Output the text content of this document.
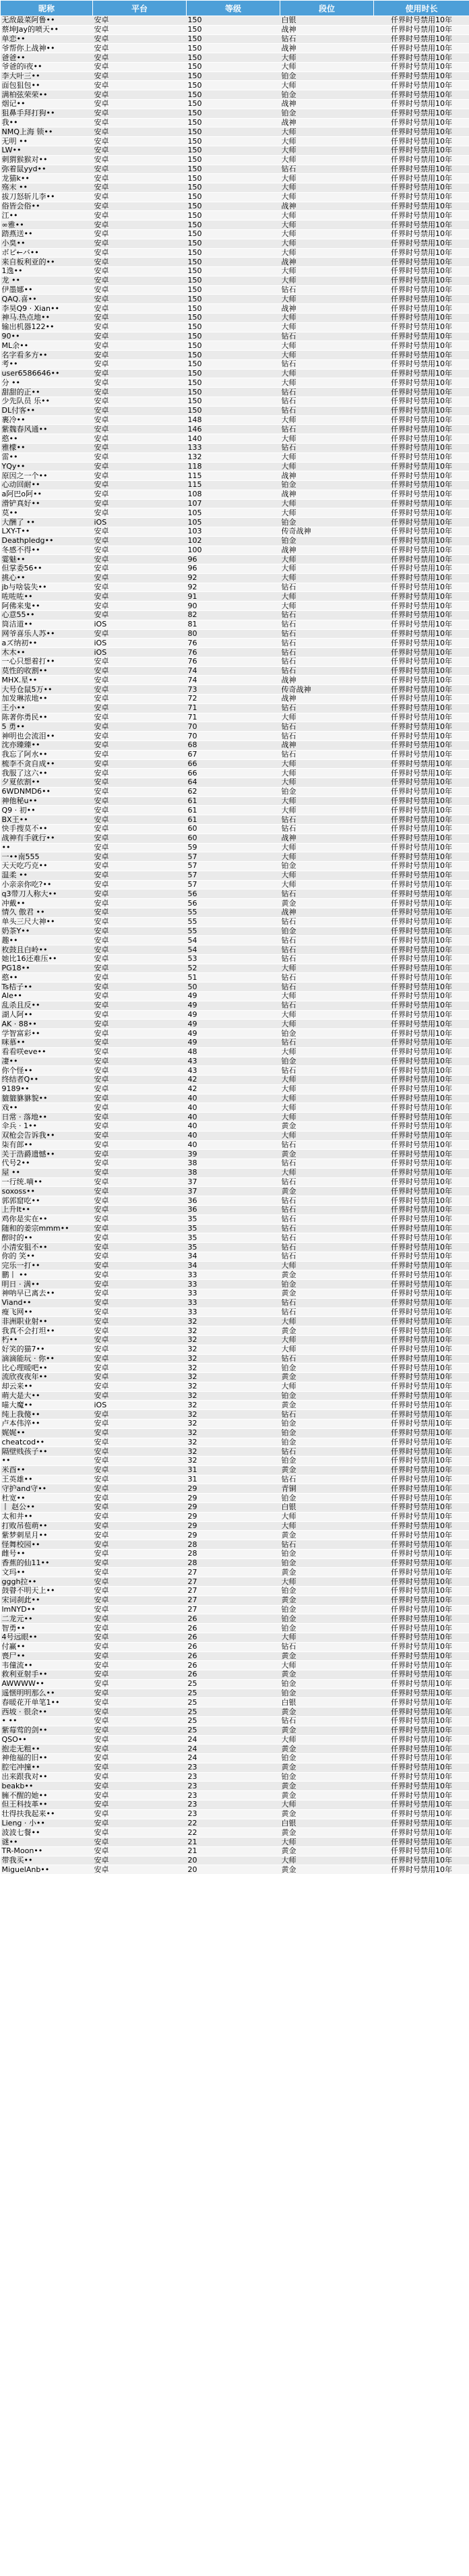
昵称	平台	等级	段位	使用时长
无敌最菜阿鲁••	安卓	150	白银	仟界时号禁用10年
蔡坤Jay的喷天••	安卓	150	战神	仟界时号禁用10年
单恋••	安卓	150	钻石	仟界时号禁用10年
爷帮你上战神••	安卓	150	战神	仟界时号禁用10年
爸爸••	安卓	150	大师	仟界时号禁用10年
爷爸的i夜••	安卓	150	大师	仟界时号禁用10年
李大叶三••	安卓	150	铂金	仟界时号禁用10年
面包狙包••	安卓	150	大师	仟界时号禁用10年
满柏弦荣荣••	安卓	150	铂金	仟界时号禁用10年
烟记••	安卓	150	战神	仟界时号禁用10年
狙鼻手拜打狗••	安卓	150	铂金	仟界时号禁用10年
我••	安卓	150	战神	仟界时号禁用10年
NMQ上海 锁••	安卓	150	大师	仟界时号禁用10年
无明 ••	安卓	150	大师	仟界时号禁用10年
LW••	安卓	150	大师	仟界时号禁用10年
刺猬猴猴对••	安卓	150	大师	仟界时号禁用10年
弥着鼠yyd••	安卓	150	钻石	仟界时号禁用10年
龙猫k••	安卓	150	大师	仟界时号禁用10年
殇末 ••	安卓	150	大师	仟界时号禁用10年
拔刀怒斩儿李••	安卓	150	大师	仟界时号禁用10年
俗皆会俗••	安卓	150	战神	仟界时号禁用10年
江••	安卓	150	大师	仟界时号禁用10年
∞雅••	安卓	150	大师	仟界时号禁用10年
踏燕送••	安卓	150	大师	仟界时号禁用10年
小臭••	安卓	150	大师	仟界时号禁用10年
ボピ←バ••	安卓	150	大师	仟界时号禁用10年
来自板利亚的••	安卓	150	战神	仟界时号禁用10年
1逸••	安卓	150	大师	仟界时号禁用10年
龙 ••	安卓	150	大师	仟界时号禁用10年
伊墨娜••	安卓	150	钻石	仟界时号禁用10年
QAQ.喜••	安卓	150	大师	仟界时号禁用10年
李昊Q9 · Xian••	安卓	150	战神	仟界时号禁用10年
神马.热点地••	安卓	150	大师	仟界时号禁用10年
输出机器122••	安卓	150	大师	仟界时号禁用10年
90••	安卓	150	钻石	仟界时号禁用10年
ML余••	安卓	150	大师	仟界时号禁用10年
名字看多方••	安卓	150	大师	仟界时号禁用10年
考••	安卓	150	钻石	仟界时号禁用10年
user6586646••	安卓	150	大师	仟界时号禁用10年
分 ••	安卓	150	大师	仟界时号禁用10年
甜甜的正••	安卓	150	钻石	仟界时号禁用10年
少先队员 乐••	安卓	150	钻石	仟界时号禁用10年
DL付客••	安卓	150	钻石	仟界时号禁用10年
裹冷••	安卓	148	大师	仟界时号禁用10年
紫魏春风通••	安卓	146	钻石	仟界时号禁用10年
憨••	安卓	140	大师	仟界时号禁用10年
雅檬••	安卓	133	钻石	仟界时号禁用10年
雷••	安卓	132	大师	仟界时号禁用10年
YQy••	安卓	118	大师	仟界时号禁用10年
原因之一个••	安卓	115	战神	仟界时号禁用10年
心动回耐••	安卓	115	铂金	仟界时号禁用10年
a阿巴o阿••	安卓	108	战神	仟界时号禁用10年
滑铲真好••	安卓	107	大师	仟界时号禁用10年
莫••	安卓	105	大师	仟界时号禁用10年
大酬了 ••	iOS	105	铂金	仟界时号禁用10年
LXY-T••	安卓	103	传奇战神	仟界时号禁用10年
Deathpledg••	安卓	102	铂金	仟界时号禁用10年
冬感不得••	安卓	100	战神	仟界时号禁用10年
霎魅••	安卓	96	大师	仟界时号禁用10年
但掌委56••	安卓	96	大师	仟界时号禁用10年
挑心••	安卓	92	大师	仟界时号禁用10年
jb与啥装失••	安卓	92	钻石	仟界时号禁用10年
咗咗咗••	安卓	91	大师	仟界时号禁用10年
阿佛来鬼••	安卓	90	大师	仟界时号禁用10年
心意55••	安卓	82	钻石	仟界时号禁用10年
筒洁道••	iOS	81	钻石	仟界时号禁用10年
网爷喜乐人苏••	安卓	80	钻石	仟界时号禁用10年
aズ纳初••	iOS	76	钻石	仟界时号禁用10年
木木••	iOS	76	钻石	仟界时号禁用10年
一心只想着打••	安卓	76	钻石	仟界时号禁用10年
莫性的收割••	安卓	74	钻石	仟界时号禁用10年
MHX.星••	安卓	74	战神	仟界时号禁用10年
大号仓鼠5万••	安卓	73	传奇战神	仟界时号禁用10年
加发琳浓地••	安卓	72	战神	仟界时号禁用10年
王小••	安卓	71	钻石	仟界时号禁用10年
陈著你勇民••	安卓	71	大师	仟界时号禁用10年
5 勇••	安卓	70	钻石	仟界时号禁用10年
神明也会流泪••	安卓	70	钻石	仟界时号禁用10年
沈亦臻臻••	安卓	68	战神	仟界时号禁用10年
我忘了阿水••	安卓	67	钻石	仟界时号禁用10年
梳李不贪自成••	安卓	66	大师	仟界时号禁用10年
我服了这六••	安卓	66	大师	仟界时号禁用10年
夕夏依割••	安卓	64	大师	仟界时号禁用10年
6WDNMD6••	安卓	62	铂金	仟界时号禁用10年
神他秘u••	安卓	61	大师	仟界时号禁用10年
Q9 · 初••	安卓	61	大师	仟界时号禁用10年
BX王••	安卓	61	钻石	仟界时号禁用10年
快手搜莫不••	安卓	60	钻石	仟界时号禁用10年
战神有手就行••	安卓	60	战神	仟界时号禁用10年
••	安卓	59	大师	仟界时号禁用10年
一••南555	安卓	57	大师	仟界时号禁用10年
天天吃巧克••	安卓	57	铂金	仟界时号禁用10年
温柔 ••	安卓	57	大师	仟界时号禁用10年
小亲亲你吃?••	安卓	57	大师	仟界时号禁用10年
q3带刀人称大••	安卓	56	钻石	仟界时号禁用10年
冲戴••	安卓	56	黄金	仟界时号禁用10年
情久 傲君 ••	安卓	55	战神	仟界时号禁用10年
单头三尺大神••	安卓	55	钻石	仟界时号禁用10年
奶茶Y••	安卓	55	铂金	仟界时号禁用10年
趣••	安卓	54	钻石	仟界时号禁用10年
枚鼓且白岭••	安卓	54	钻石	仟界时号禁用10年
她比16还难压••	安卓	53	钻石	仟界时号禁用10年
PG18••	安卓	52	大师	仟界时号禁用10年
憨••	安卓	51	钻石	仟界时号禁用10年
Ts桔子••	安卓	50	钻石	仟界时号禁用10年
Ale••	安卓	49	大师	仟界时号禁用10年
乱杀且反••	安卓	49	钻石	仟界时号禁用10年
湖人阿••	安卓	49	大师	仟界时号禁用10年
AK · 88••	安卓	49	大师	仟界时号禁用10年
学智富彩••	安卓	49	铂金	仟界时号禁用10年
咪慕••	安卓	49	钻石	仟界时号禁用10年
看看咲eve••	安卓	48	大师	仟界时号禁用10年
凄••	安卓	43	铂金	仟界时号禁用10年
你个怪••	安卓	43	钻石	仟界时号禁用10年
终结者Q••	安卓	42	大师	仟界时号禁用10年
9189••	安卓	42	大师	仟界时号禁用10年
貔貔貅貅貌••	安卓	40	大师	仟界时号禁用10年
戏••	安卓	40	大师	仟界时号禁用10年
日常 · 落地••	安卓	40	大师	仟界时号禁用10年
伞兵 · 1••	安卓	40	黄金	仟界时号禁用10年
双枪会告诉我••	安卓	40	大师	仟界时号禁用10年
柒有郎••	安卓	40	钻石	仟界时号禁用10年
关于浩爵遗憾••	安卓	39	黄金	仟界时号禁用10年
代号2••	安卓	38	钻石	仟界时号禁用10年
屋 ••	安卓	38	大师	仟界时号禁用10年
一行统.嘀••	安卓	37	钻石	仟界时号禁用10年
soxoss••	安卓	37	黄金	仟界时号禁用10年
郭郭窟吃••	安卓	36	钻石	仟界时号禁用10年
上升It••	安卓	36	钻石	仟界时号禁用10年
鸡你是实在••	安卓	35	钻石	仟界时号禁用10年
随和的姜宗mmm••	安卓	35	钻石	仟界时号禁用10年
醉时的••	安卓	35	钻石	仟界时号禁用10年
小清安狙不••	安卓	35	钻石	仟界时号禁用10年
你的 笑••	安卓	34	钻石	仟界时号禁用10年
完乐一打••	安卓	34	大师	仟界时号禁用10年
鹏丨 ••	安卓	33	黄金	仟界时号禁用10年
明日 · 满••	安卓	33	铂金	仟界时号禁用10年
神呐早已离去••	安卓	33	黄金	仟界时号禁用10年
Viand••	安卓	33	钻石	仟界时号禁用10年
瘦飞网••	安卓	33	钻石	仟界时号禁用10年
非洲职业射••	安卓	32	大师	仟界时号禁用10年
我真不会打坦••	安卓	32	黄金	仟界时号禁用10年
朽••	安卓	32	大师	仟界时号禁用10年
好笑的猫7••	安卓	32	大师	仟界时号禁用10年
滴滴能玩 · 你••	安卓	32	钻石	仟界时号禁用10年
比心理暖吧••	安卓	32	铂金	仟界时号禁用10年
流欣夜夜年••	安卓	32	黄金	仟界时号禁用10年
却云来••	安卓	32	大师	仟界时号禁用10年
萌大是大••	安卓	32	铂金	仟界时号禁用10年
喵大魔••	iOS	32	黄金	仟界时号禁用10年
纯上我傻••	安卓	32	钻石	仟界时号禁用10年
卢本伟淬••	安卓	32	铂金	仟界时号禁用10年
娓娓••	安卓	32	铂金	仟界时号禁用10年
cheatcod••	安卓	32	铂金	仟界时号禁用10年
隔壁贱孩子••	安卓	32	钻石	仟界时号禁用10年
••	安卓	32	铂金	仟界时号禁用10年
米酉••	安卓	31	黄金	仟界时号禁用10年
王英雄••	安卓	31	钻石	仟界时号禁用10年
守护and守••	安卓	29	青铜	仟界时号禁用10年
杜宽••	安卓	29	铂金	仟界时号禁用10年
丨 赵公••	安卓	29	白银	仟界时号禁用10年
太和井••	安卓	29	大师	仟界时号禁用10年
打败吊苞萌••	安卓	29	大师	仟界时号禁用10年
紫梦刺星月••	安卓	29	黄金	仟界时号禁用10年
怪舞校园••	安卓	28	钻石	仟界时号禁用10年
雌号••	安卓	28	铂金	仟界时号禁用10年
香蕉的仙11••	安卓	28	铂金	仟界时号禁用10年
文玛••	安卓	27	黄金	仟界时号禁用10年
gggh拉••	安卓	27	大师	仟界时号禁用10年
鼓瞽不明天上••	安卓	27	铂金	仟界时号禁用10年
宋词刹此••	安卓	27	黄金	仟界时号禁用10年
lmNYD••	安卓	27	铂金	仟界时号禁用10年
二龙元••	安卓	26	铂金	仟界时号禁用10年
智勇••	安卓	26	铂金	仟界时号禁用10年
4号远眼••	安卓	26	大师	仟界时号禁用10年
付赢••	安卓	26	钻石	仟界时号禁用10年
喪尸••	安卓	26	黄金	仟界时号禁用10年
韦僮流••	安卓	26	大师	仟界时号禁用10年
救利亚射手••	安卓	26	黄金	仟界时号禁用10年
AWWWW••	安卓	25	铂金	仟界时号禁用10年
遥惬明明那么••	安卓	25	铂金	仟界时号禁用10年
春暖花开单笔1••	安卓	25	白银	仟界时号禁用10年
西坡 · 很余••	安卓	25	黄金	仟界时号禁用10年
• ••	安卓	25	钻石	仟界时号禁用10年
紫莓莺的剑••	安卓	25	黄金	仟界时号禁用10年
QSO••	安卓	24	大师	仟界时号禁用10年
抱走无粗••	安卓	24	黄金	仟界时号禁用10年
神他福的旧••	安卓	24	铂金	仟界时号禁用10年
腔宅冲撞••	安卓	23	黄金	仟界时号禁用10年
出来跟我对••	安卓	23	铂金	仟界时号禁用10年
beakb••	安卓	23	黄金	仟界时号禁用10年
臃不醒的她••	安卓	23	黄金	仟界时号禁用10年
但王科技革••	安卓	23	大师	仟界时号禁用10年
壮得扶我起来••	安卓	23	黄金	仟界时号禁用10年
Lieng · 小••	安卓	22	白银	仟界时号禁用10年
波波七餐••	安卓	22	黄金	仟界时号禁用10年
谜••	安卓	21	大师	仟界时号禁用10年
TR-Moon••	安卓	21	黄金	仟界时号禁用10年
带我买••	安卓	20	大师	仟界时号禁用10年
MiguelAnb••	安卓	20	黄金	仟界时号禁用10年
